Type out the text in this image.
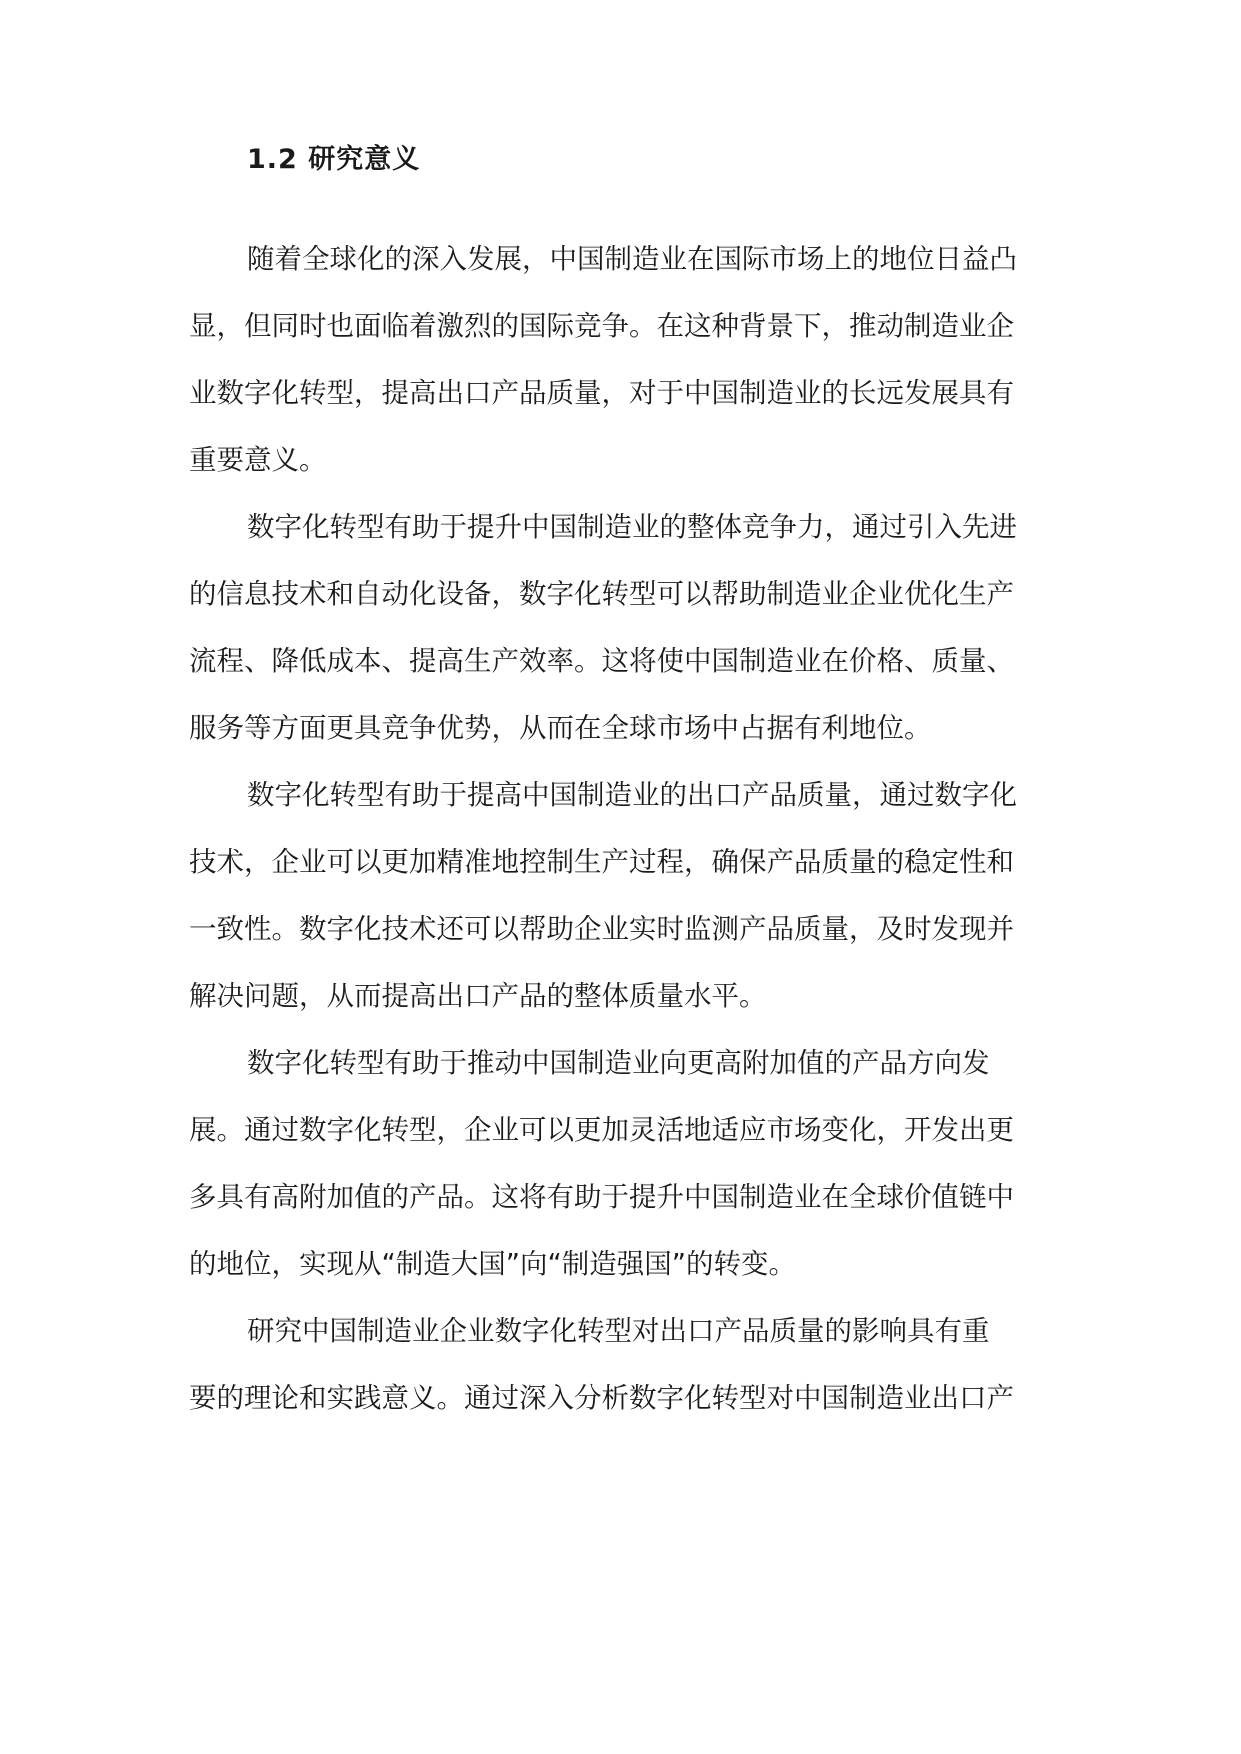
1.2 研究意义

随着全球化的深入发展，中国制造业在国际市场上的地位日益凸
显，但同时也面临着激烈的国际竞争。在这种背景下，推动制造业企
业数字化转型，提高出口产品质量，对于中国制造业的长远发展具有
重要意义。

数字化转型有助于提升中国制造业的整体竞争力，通过引入先进
的信息技术和自动化设备，数字化转型可以帮助制造业企业优化生产
流程、降低成本、提高生产效率。这将使中国制造业在价格、质量、
服务等方面更具竞争优势，从而在全球市场中占据有利地位。

数字化转型有助于提高中国制造业的出口产品质量，通过数字化
技术，企业可以更加精准地控制生产过程，确保产品质量的稳定性和
一致性。数字化技术还可以帮助企业实时监测产品质量，及时发现并
解决问题，从而提高出口产品的整体质量水平。

数字化转型有助于推动中国制造业向更高附加值的产品方向发
展。通过数字化转型，企业可以更加灵活地适应市场变化，开发出更
多具有高附加值的产品。这将有助于提升中国制造业在全球价值链中
的地位，实现从“制造大国”向“制造强国”的转变。

研究中国制造业企业数字化转型对出口产品质量的影响具有重
要的理论和实践意义。通过深入分析数字化转型对中国制造业出口产
